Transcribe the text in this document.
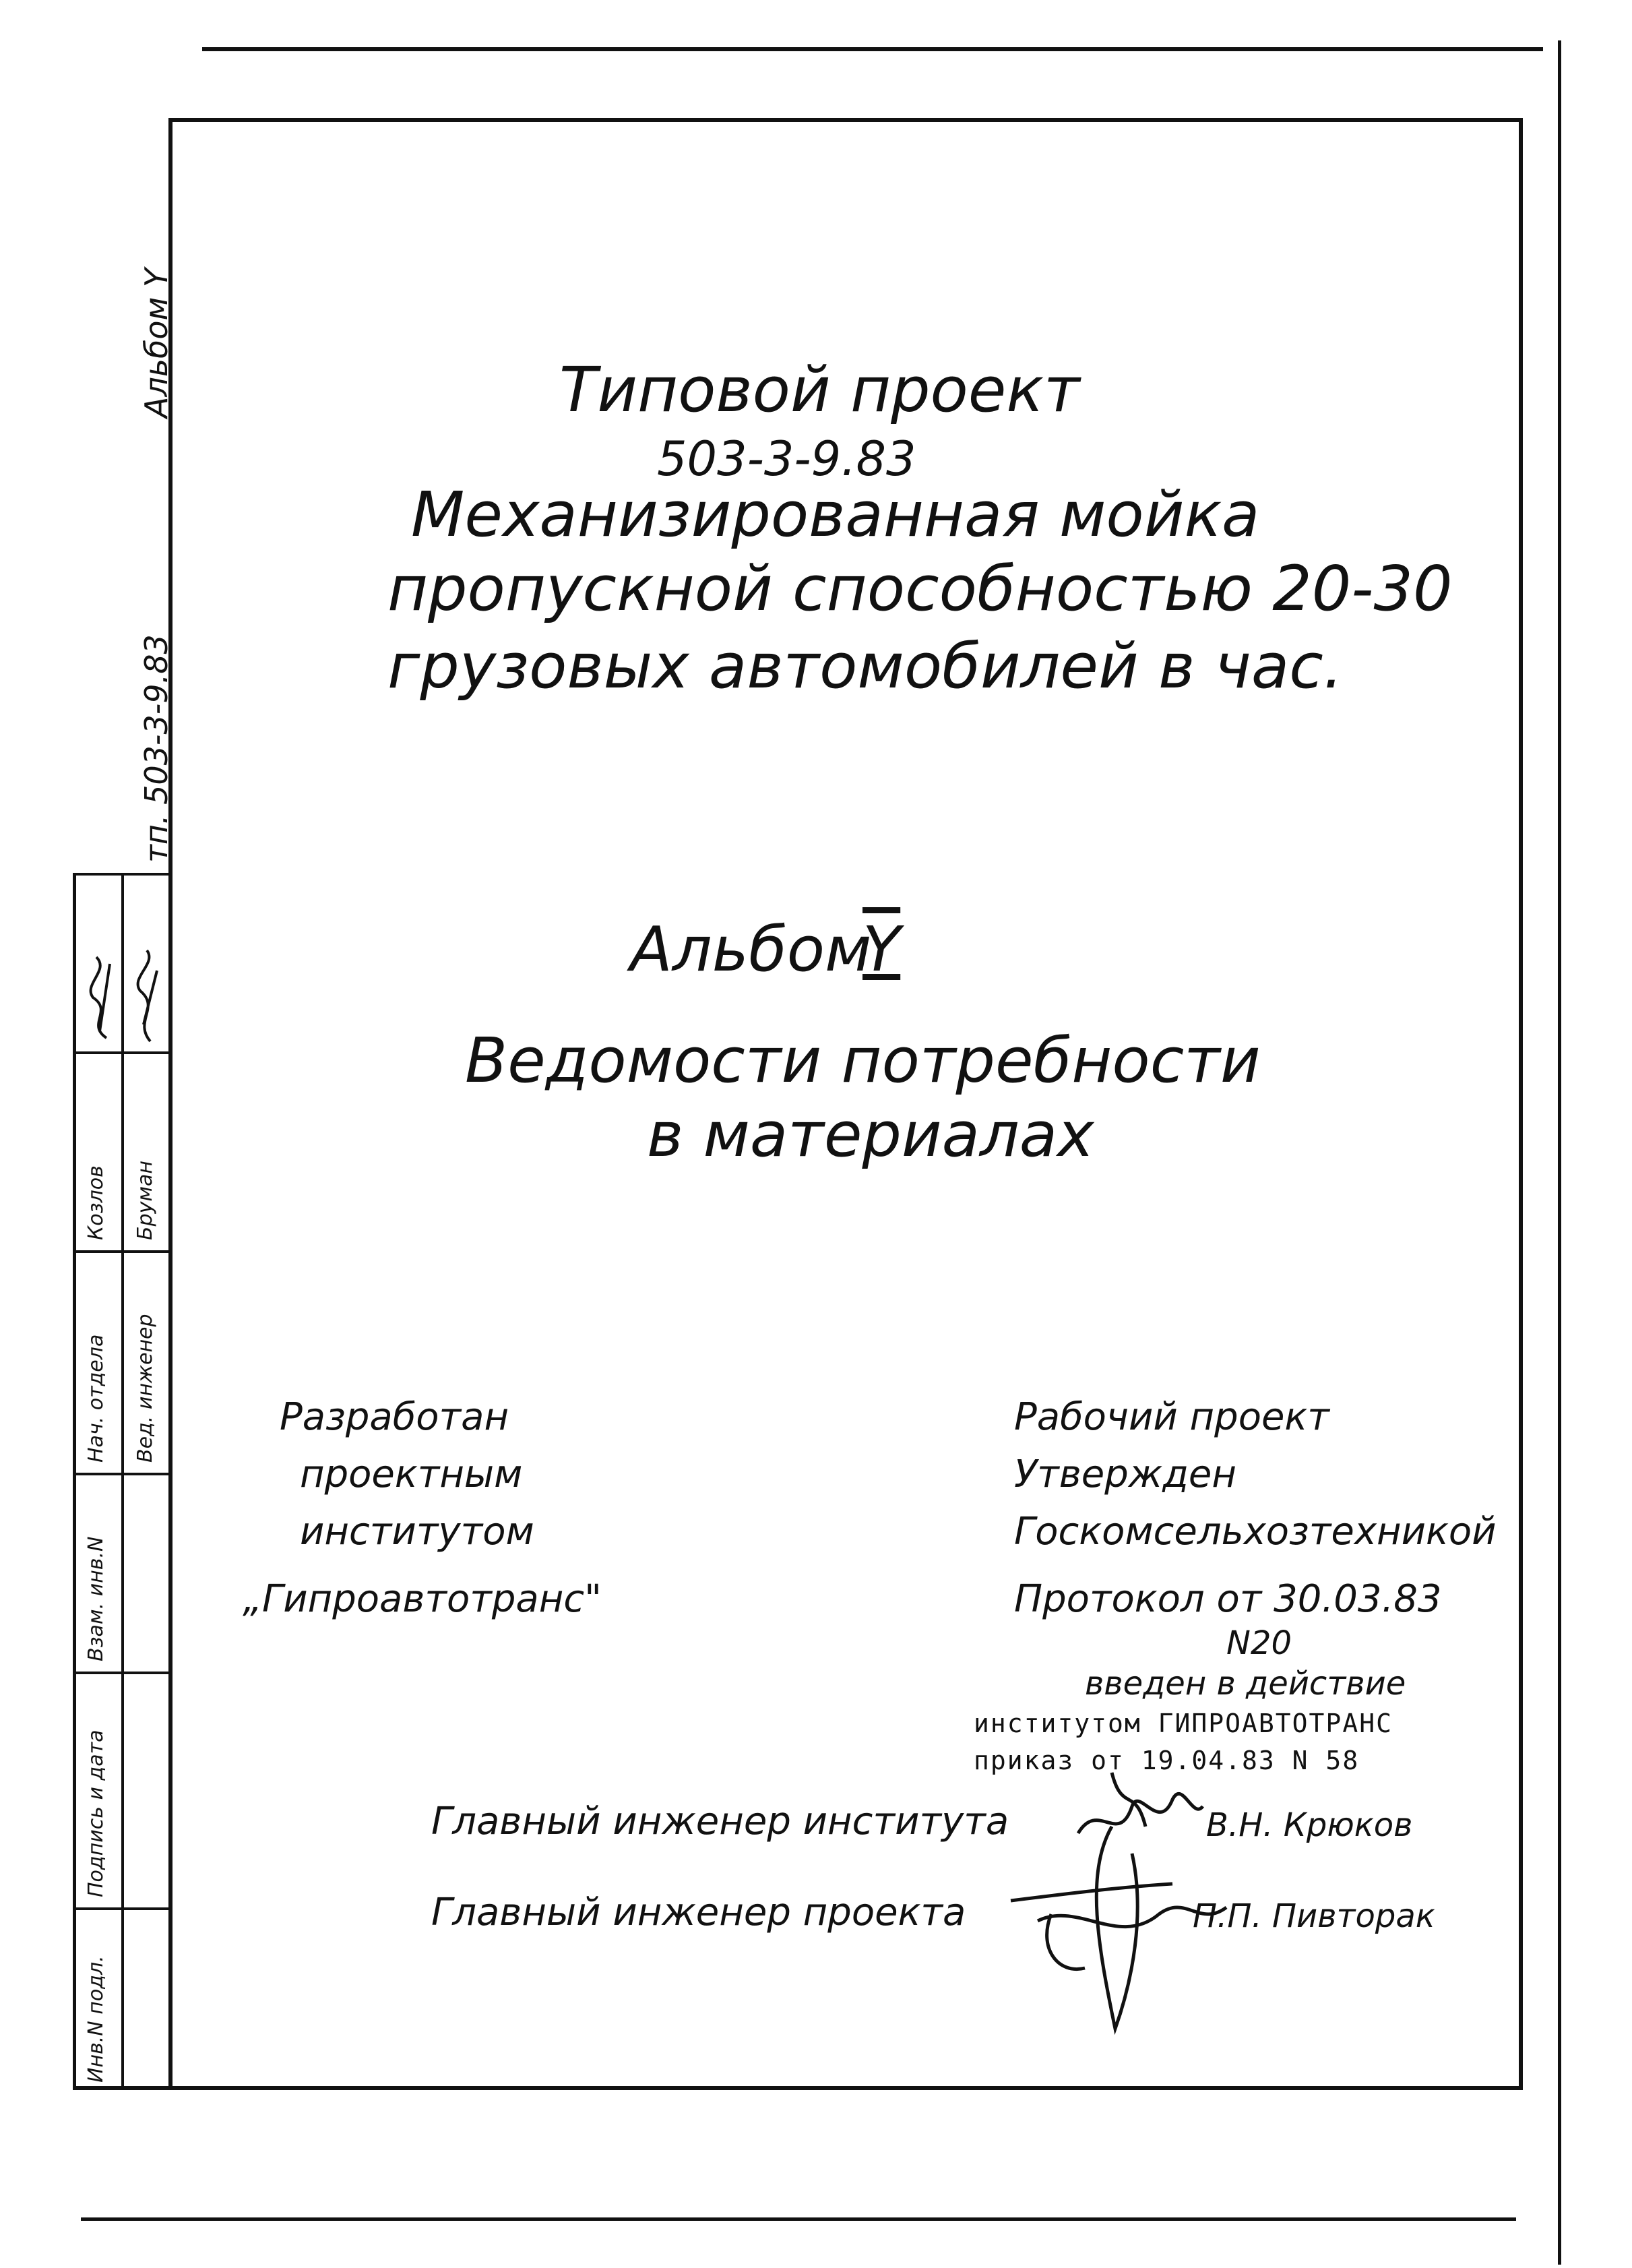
Альбом Y
тп. 503-3-9.83
Нач. отдела
Козлов
Вед. инженер
Бруман
Взам. инв.N
Подпись и дата
Инв.N подл.
Типовой проект
503-3-9.83
Механизированная мойка
пропускной способностью 20-30
грузовых автомобилей в час.
Альбом
Y
Ведомости потребности
в материалах
Разработан
проектным
институтом
„Гипроавтотранс"
Рабочий проект
Утвержден
Госкомсельхозтехникой
Протокол от 30.03.83
N20
введен в действие
институтом ГИПРОАВТОТРАНС
приказ от 19.04.83 N 58
Главный инженер института	В.Н. Крюков
Главный инженер проекта	П.П. Пивторак
